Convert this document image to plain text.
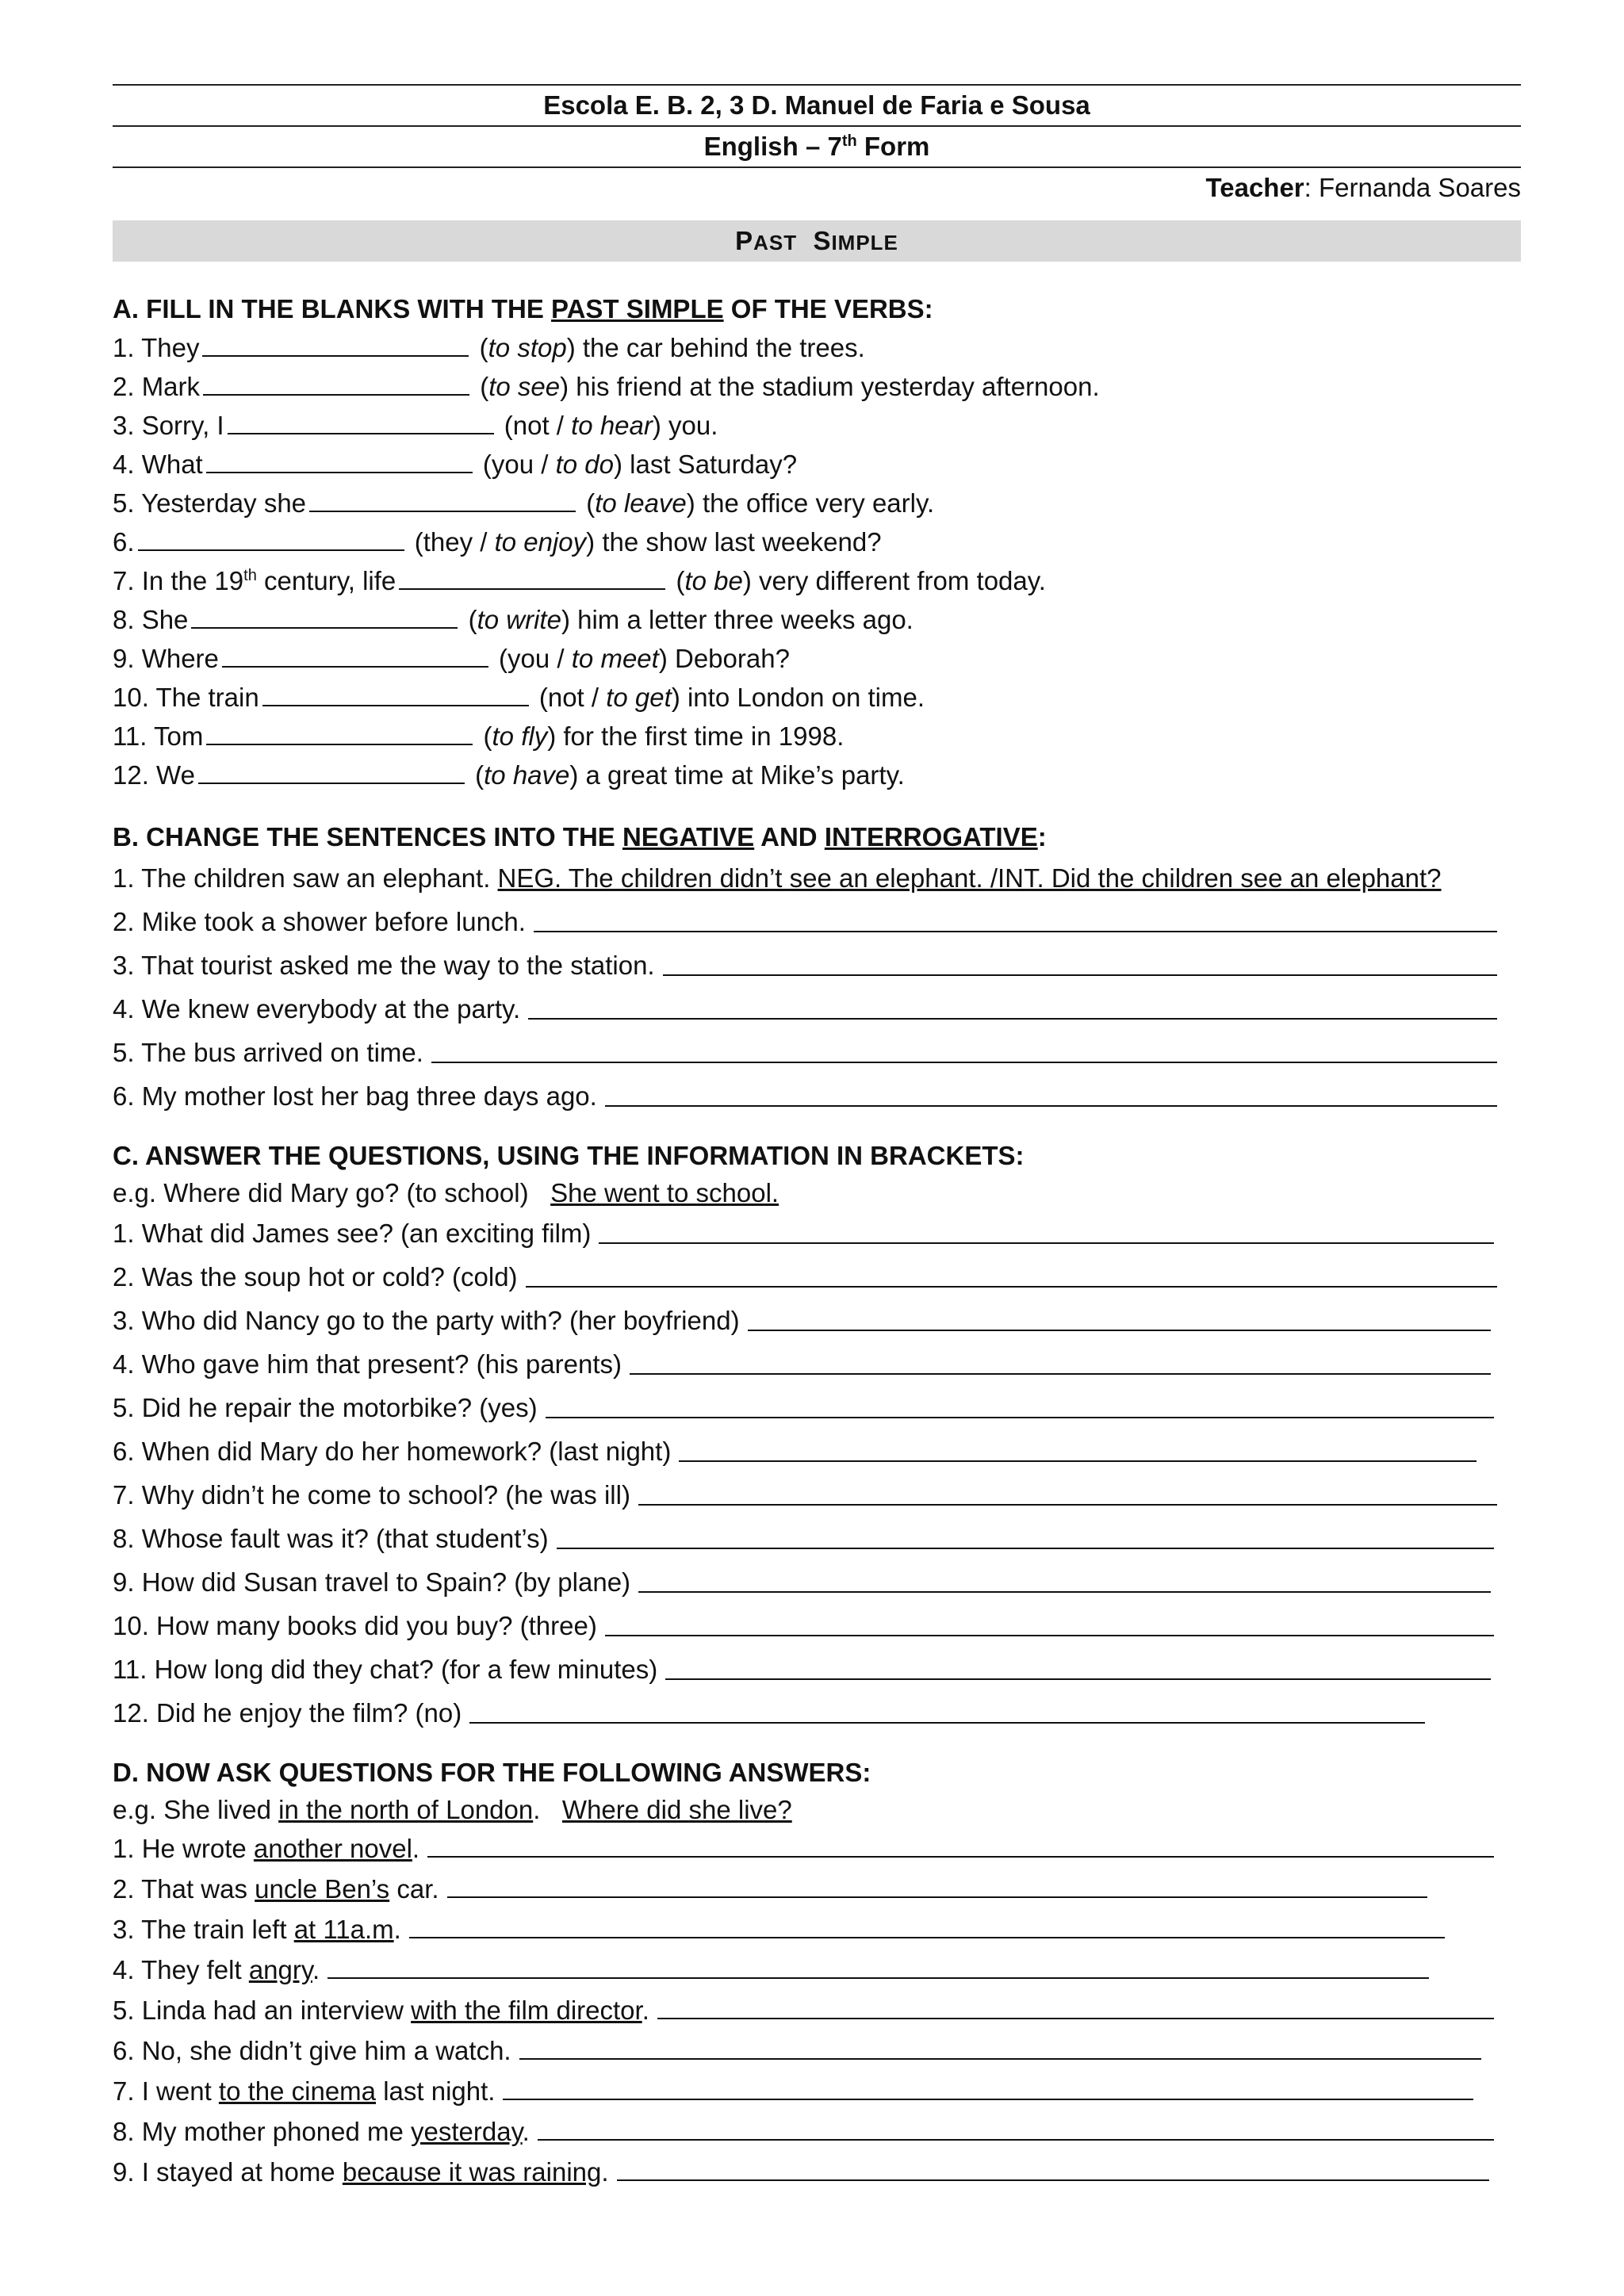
Escola E. B. 2, 3 D. Manuel de Faria e Sousa
English – 7th Form
Teacher: Fernanda Soares
PAST SIMPLE
A. FILL IN THE BLANKS WITH THE PAST SIMPLE OF THE VERBS:
1. They	(to stop) the car behind the trees.
2. Mark	(to see) his friend at the stadium yesterday afternoon.
3. Sorry, I	(not / to hear) you.
4. What	(you / to do) last Saturday?
5. Yesterday she	(to leave) the office very early.
6.	(they / to enjoy) the show last weekend?
7. In the 19th century, life	(to be) very different from today.
8. She	(to write) him a letter three weeks ago.
9. Where	(you / to meet) Deborah?
10. The train	(not / to get) into London on time.
11. Tom	(to fly) for the first time in 1998.
12. We	(to have) a great time at Mike’s party.
B. CHANGE THE SENTENCES INTO THE NEGATIVE AND INTERROGATIVE:
1. The children saw an elephant. NEG. The children didn’t see an elephant. /INT. Did the children see an elephant?
2. Mike took a shower before lunch.
3. That tourist asked me the way to the station.
4. We knew everybody at the party.
5. The bus arrived on time.
6. My mother lost her bag three days ago.
C. ANSWER THE QUESTIONS, USING THE INFORMATION IN BRACKETS:
e.g. Where did Mary go? (to school) She went to school.
1. What did James see? (an exciting film)
2. Was the soup hot or cold? (cold)
3. Who did Nancy go to the party with? (her boyfriend)
4. Who gave him that present? (his parents)
5. Did he repair the motorbike? (yes)
6. When did Mary do her homework? (last night)
7. Why didn’t he come to school? (he was ill)
8. Whose fault was it? (that student’s)
9. How did Susan travel to Spain? (by plane)
10. How many books did you buy? (three)
11. How long did they chat? (for a few minutes)
12. Did he enjoy the film? (no)
D. NOW ASK QUESTIONS FOR THE FOLLOWING ANSWERS:
e.g. She lived in the north of London. Where did she live?
1. He wrote another novel.
2. That was uncle Ben’s car.
3. The train left at 11a.m.
4. They felt angry.
5. Linda had an interview with the film director.
6. No, she didn’t give him a watch.
7. I went to the cinema last night.
8. My mother phoned me yesterday.
9. I stayed at home because it was raining.
